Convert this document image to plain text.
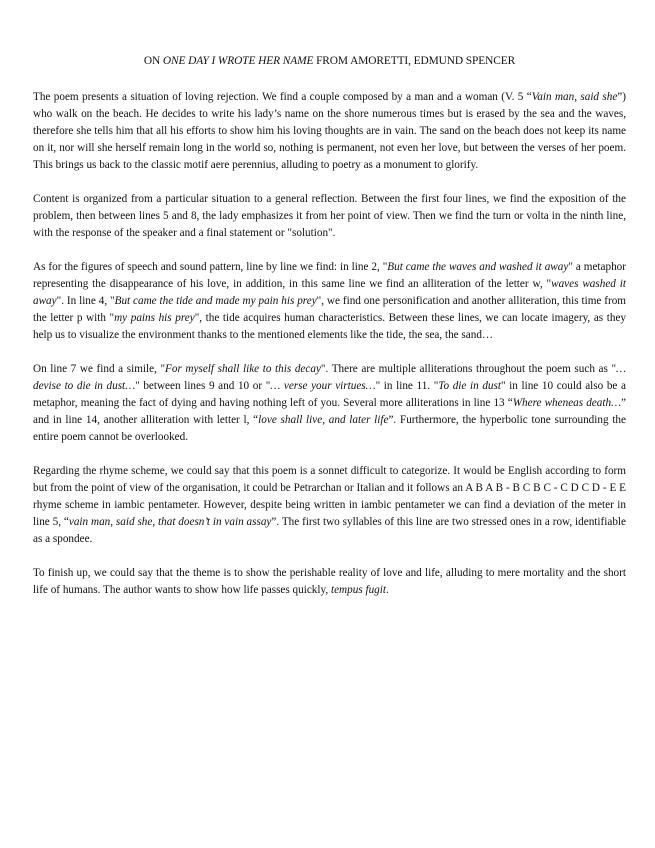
ON ONE DAY I WROTE HER NAME FROM AMORETTI, EDMUND SPENCER

The poem presents a situation of loving rejection. We find a couple composed by a man and a woman (V. 5 “Vain man, said she”) who walk on the beach. He decides to write his lady’s name on the shore numerous times but is erased by the sea and the waves, therefore she tells him that all his efforts to show him his loving thoughts are in vain. The sand on the beach does not keep its name on it, nor will she herself remain long in the world so, nothing is permanent, not even her love, but between the verses of her poem. This brings us back to the classic motif aere perennius, alluding to poetry as a monument to glorify.

Content is organized from a particular situation to a general reflection. Between the first four lines, we find the exposition of the problem, then between lines 5 and 8, the lady emphasizes it from her point of view. Then we find the turn or volta in the ninth line, with the response of the speaker and a final statement or "solution".

As for the figures of speech and sound pattern, line by line we find: in line 2, "But came the waves and washed it away" a metaphor representing the disappearance of his love, in addition, in this same line we find an alliteration of the letter w, "waves washed it away". In line 4, "But came the tide and made my pain his prey", we find one personification and another alliteration, this time from the letter p with "my pains his prey", the tide acquires human characteristics. Between these lines, we can locate imagery, as they help us to visualize the environment thanks to the mentioned elements like the tide, the sea, the sand…

On line 7 we find a simile, "For myself shall like to this decay". There are multiple alliterations throughout the poem such as "… devise to die in dust…" between lines 9 and 10 or "… verse your virtues…" in line 11. "To die in dust" in line 10 could also be a metaphor, meaning the fact of dying and having nothing left of you. Several more alliterations in line 13 “Where wheneas death…” and in line 14, another alliteration with letter l, “love shall live, and later life”. Furthermore, the hyperbolic tone surrounding the entire poem cannot be overlooked.

Regarding the rhyme scheme, we could say that this poem is a sonnet difficult to categorize. It would be English according to form but from the point of view of the organisation, it could be Petrarchan or Italian and it follows an A B A B - B C B C - C D C D - E E rhyme scheme in iambic pentameter. However, despite being written in iambic pentameter we can find a deviation of the meter in line 5, “vain man, said she, that doesn’t in vain assay”. The first two syllables of this line are two stressed ones in a row, identifiable as a spondee.

To finish up, we could say that the theme is to show the perishable reality of love and life, alluding to mere mortality and the short life of humans. The author wants to show how life passes quickly, tempus fugit.
